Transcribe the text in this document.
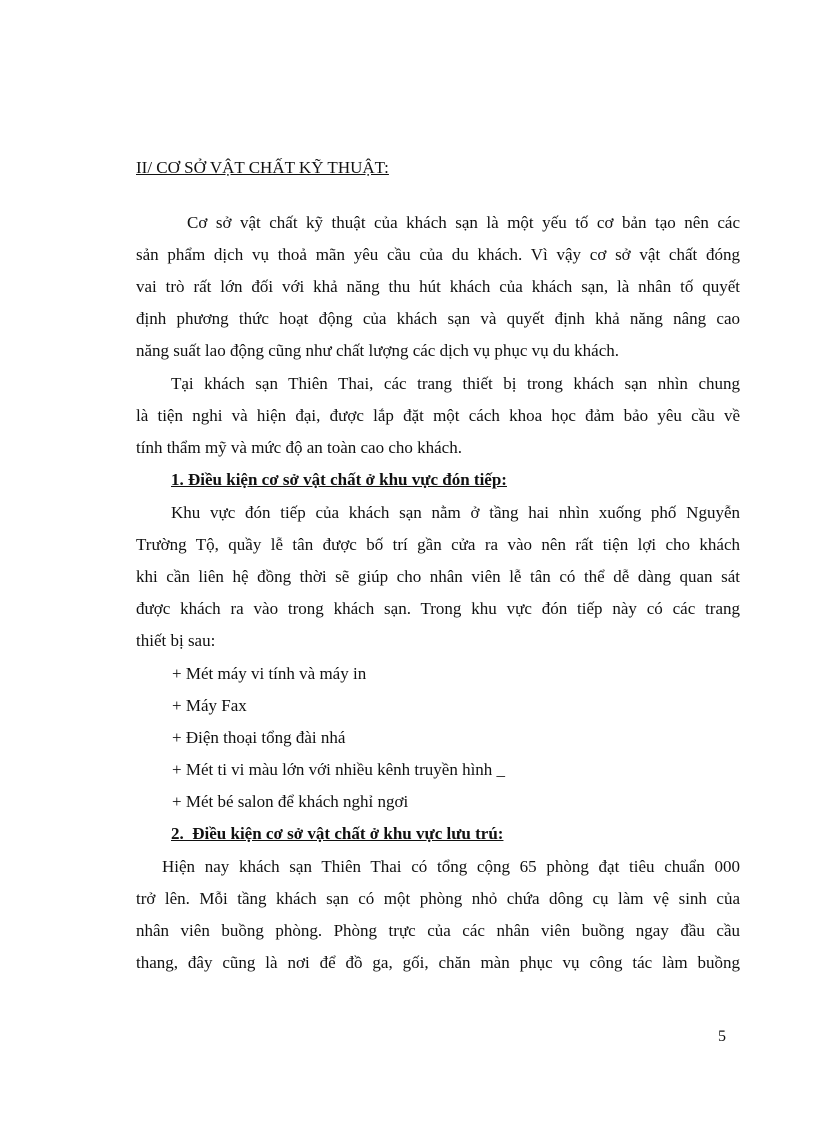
II/ CƠ SỞ VẬT CHẤT KỸ THUẬT:
Cơ sở vật chất kỹ thuật của khách sạn là một yếu tố cơ bản tạo nên các
sản phẩm dịch vụ thoả mãn yêu cầu của du khách. Vì vậy cơ sở vật chất đóng
vai trò rất lớn đối với khả năng thu hút khách của khách sạn, là nhân tố quyết
định phương thức hoạt động của khách sạn và quyết định khả năng nâng cao
năng suất lao động cũng như chất lượng các dịch vụ phục vụ du khách.
Tại khách sạn Thiên Thai, các trang thiết bị trong khách sạn nhìn chung
là tiện nghi và hiện đại, được lắp đặt một cách khoa học đảm bảo yêu cầu về
tính thẩm mỹ và mức độ an toàn cao cho khách.
1. Điều kiện cơ sở vật chất ở khu vực đón tiếp:
Khu vực đón tiếp của khách sạn nằm ở tầng hai nhìn xuống phố Nguyễn
Trường Tộ, quầy lễ tân được bố trí gần cửa ra vào nên rất tiện lợi cho khách
khi cần liên hệ đồng thời sẽ giúp cho nhân viên lễ tân có thể dễ dàng quan sát
được khách ra vào trong khách sạn. Trong khu vực đón tiếp này có các trang
thiết bị sau:
+ Mét máy vi tính và máy in
+ Máy Fax
+ Điện thoại tổng đài nhá
+ Mét ti vi màu lớn với nhiều kênh truyền hình _
+ Mét bé salon để khách nghỉ ngơi
2.  Điều kiện cơ sở vật chất ở khu vực lưu trú:
Hiện nay khách sạn Thiên Thai có tổng cộng 65 phòng đạt tiêu chuẩn 000
trở lên. Mỗi tầng khách sạn có một phòng nhỏ chứa dông cụ làm vệ sinh của
nhân viên buồng phòng. Phòng trực của các nhân viên buồng ngay đầu cầu
thang, đây cũng là nơi để đồ ga, gối, chăn màn phục vụ công tác làm buồng
5
